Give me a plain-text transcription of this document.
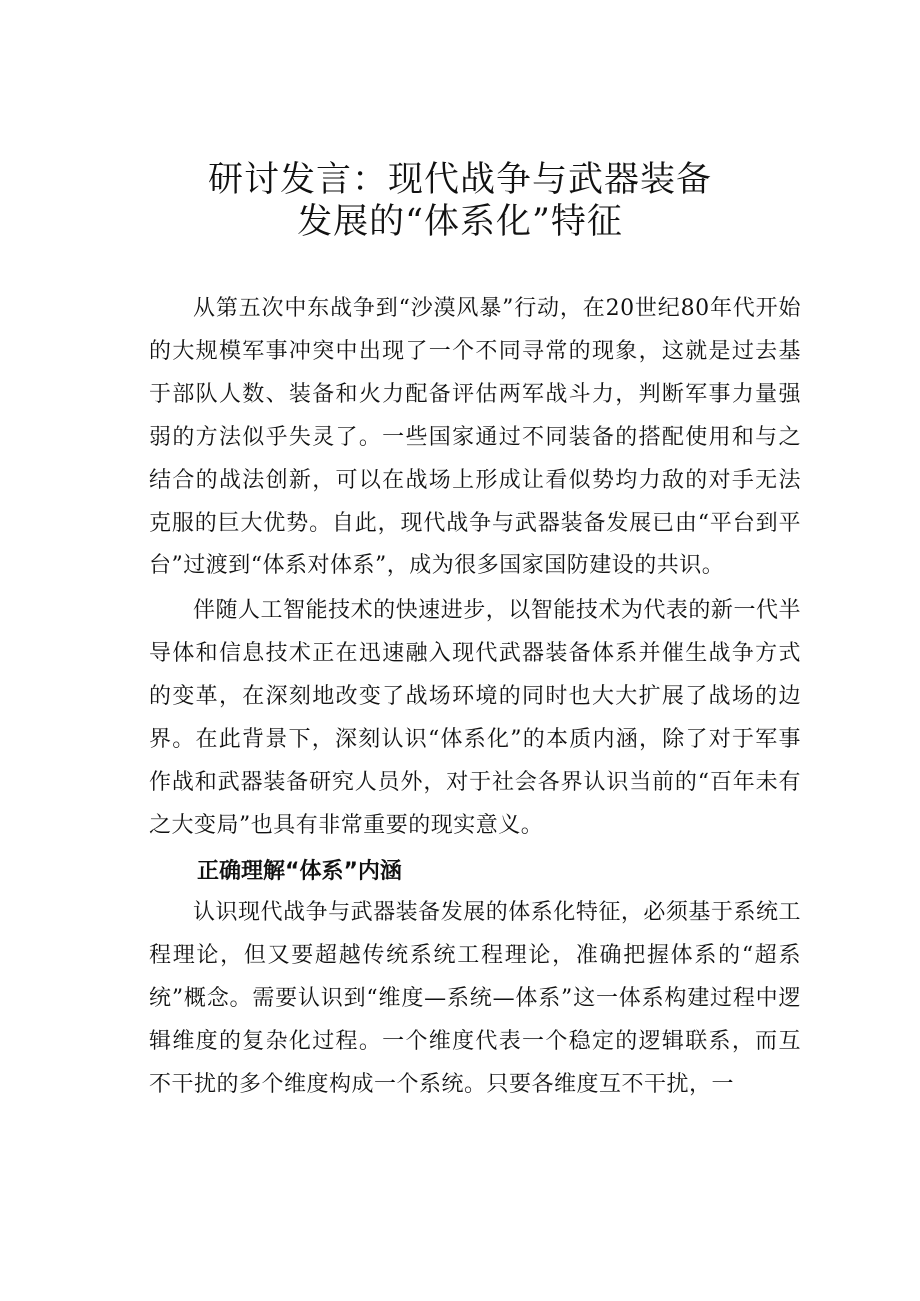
研讨发言：现代战争与武器装备
发展的“体系化”特征

从第五次中东战争到“沙漠风暴”行动，在20世纪80年代开始的大规模军事冲突中出现了一个不同寻常的现象，这就是过去基于部队人数、装备和火力配备评估两军战斗力，判断军事力量强弱的方法似乎失灵了。一些国家通过不同装备的搭配使用和与之结合的战法创新，可以在战场上形成让看似势均力敌的对手无法克服的巨大优势。自此，现代战争与武器装备发展已由“平台到平台”过渡到“体系对体系”，成为很多国家国防建设的共识。

伴随人工智能技术的快速进步，以智能技术为代表的新一代半导体和信息技术正在迅速融入现代武器装备体系并催生战争方式的变革，在深刻地改变了战场环境的同时也大大扩展了战场的边界。在此背景下，深刻认识“体系化”的本质内涵，除了对于军事作战和武器装备研究人员外，对于社会各界认识当前的“百年未有之大变局”也具有非常重要的现实意义。

正确理解“体系”内涵

认识现代战争与武器装备发展的体系化特征，必须基于系统工程理论，但又要超越传统系统工程理论，准确把握体系的“超系统”概念。需要认识到“维度—系统—体系”这一体系构建过程中逻辑维度的复杂化过程。一个维度代表一个稳定的逻辑联系，而互不干扰的多个维度构成一个系统。只要各维度互不干扰，一
